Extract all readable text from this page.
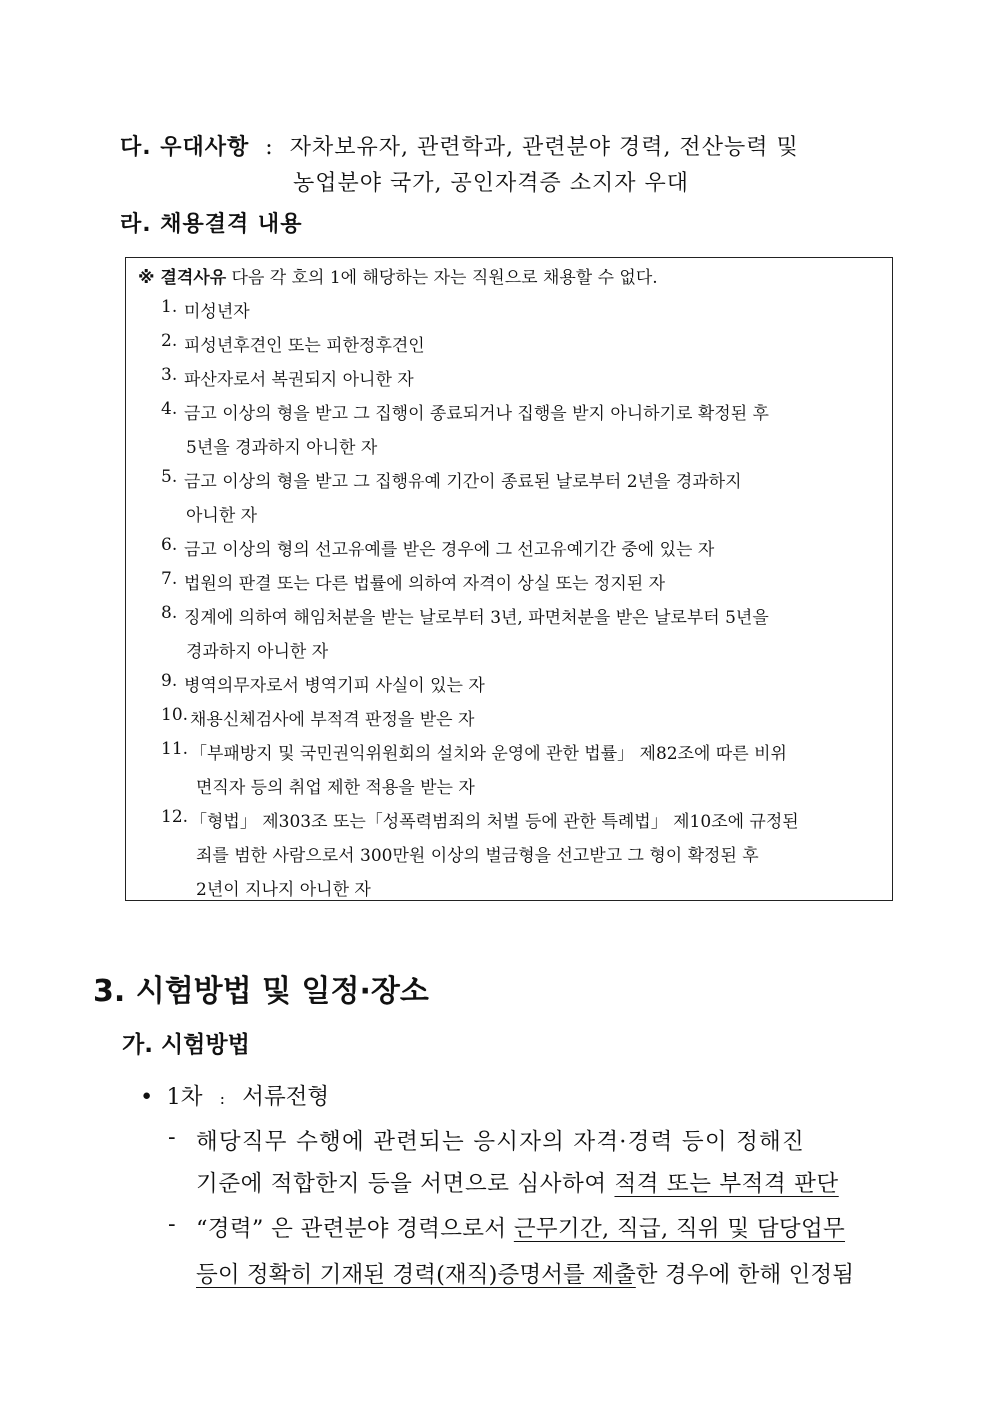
다. 우대사항 : 자차보유자, 관련학과, 관련분야 경력, 전산능력 및
농업분야 국가, 공인자격증 소지자 우대
라. 채용결격 내용
※ 결격사유 다음 각 호의 1에 해당하는 자는 직원으로 채용할 수 없다.
1. 미성년자
2. 피성년후견인 또는 피한정후견인
3. 파산자로서 복권되지 아니한 자
4. 금고 이상의 형을 받고 그 집행이 종료되거나 집행을 받지 아니하기로 확정된 후
5년을 경과하지 아니한 자
5. 금고 이상의 형을 받고 그 집행유예 기간이 종료된 날로부터 2년을 경과하지
아니한 자
6. 금고 이상의 형의 선고유예를 받은 경우에 그 선고유예기간 중에 있는 자
7. 법원의 판결 또는 다른 법률에 의하여 자격이 상실 또는 정지된 자
8. 징계에 의하여 해임처분을 받는 날로부터 3년, 파면처분을 받은 날로부터 5년을
경과하지 아니한 자
9. 병역의무자로서 병역기피 사실이 있는 자
10. 채용신체검사에 부적격 판정을 받은 자
11. 「부패방지 및 국민권익위원회의 설치와 운영에 관한 법률」 제82조에 따른 비위
면직자 등의 취업 제한 적용을 받는 자
12. 「형법」 제303조 또는「성폭력범죄의 처벌 등에 관한 특례법」 제10조에 규정된
죄를 범한 사람으로서 300만원 이상의 벌금형을 선고받고 그 형이 확정된 후
2년이 지나지 아니한 자
3. 시험방법 및 일정·장소
가. 시험방법
• 1차 : 서류전형
- 해당직무 수행에 관련되는 응시자의 자격·경력 등이 정해진
기준에 적합한지 등을 서면으로 심사하여 적격 또는 부적격 판단
- “경력” 은 관련분야 경력으로서 근무기간, 직급, 직위 및 담당업무
등이 정확히 기재된 경력(재직)증명서를 제출한 경우에 한해 인정됨
